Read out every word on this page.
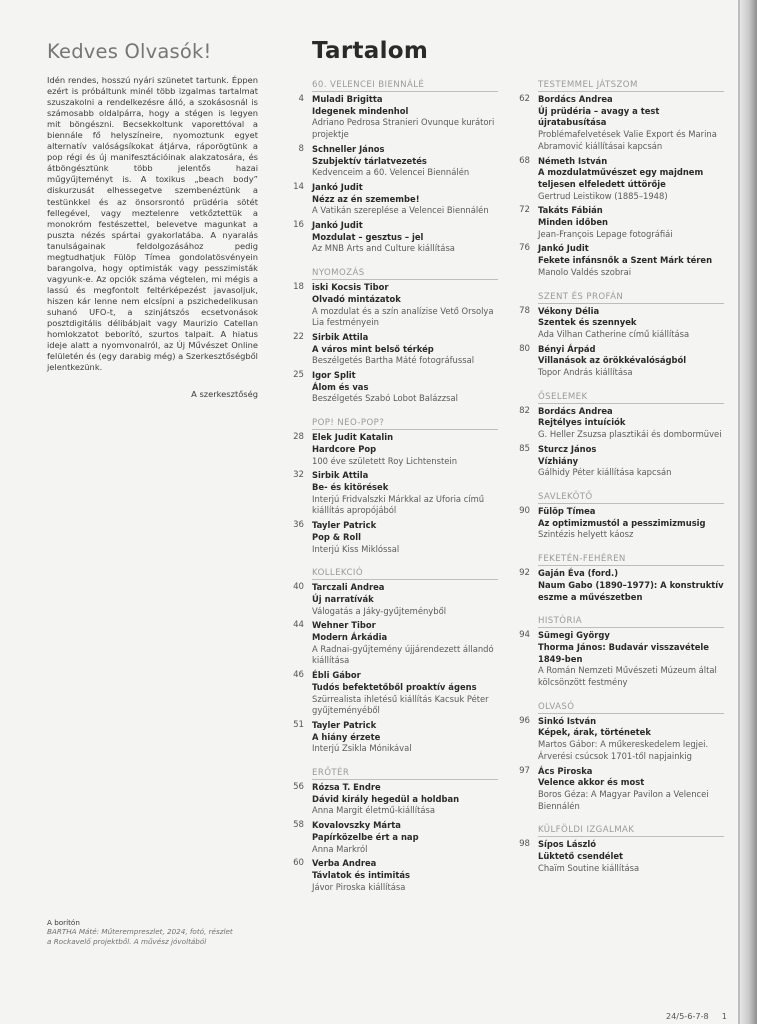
Kedves Olvasók!

Idén rendes, hosszú nyári szünetet tartunk. Éppen ezért is próbáltunk minél több izgalmas tartalmat szuszakolni a rendelkezésre álló, a szokásosnál is számosabb oldalpárra, hogy a stégen is legyen mit böngészni. Becsekkoltunk vaporettóval a biennále fő helyszíneire, nyomoztunk egyet alternatív valóságsíkokat átjárva, ráporögtünk a pop régi és új manifesztációinak alakzatosára, és átböngésztünk több jelentős hazai műgyűjteményt is. A toxikus „beach body” diskurzusát elhessegetve szembenéztünk a testünkkel és az önsorsrontó prüdéria sötét fellegével, vagy meztelenre vetkőztettük a monokróm festészettel, belevetve magunkat a puszta nézés spártai gyakorlatába. A nyaralás tanulságainak feldolgozásához pedig megtudhatjuk Fülöp Tímea gondolatösvényein barangolva, hogy optimisták vagy pesszimisták vagyunk-e. Az opciók száma végtelen, mi mégis a lassú és megfontolt feltérképezést javasoljuk, hiszen kár lenne nem elcsípni a pszichedelikusan suhanó UFO-t, a szinjátszós ecsetvonások posztdigitális délibábjait vagy Maurizio Catellan homlokzatot beborító, szurtos talpait. A hiatus ideje alatt a nyomvonalról, az Új Művészet Online felületén és (egy darabig még) a Szerkesztőségből jelentkezünk.

A szerkesztőség
A borítón
BARTHA Máté: Műterempreszlet, 2024, fotó, részlet a Rockavelő projektből. A művész jóvoltából
Tartalom
60. VELENCEI BIENNÁLÉ
4 Muladi Brigitta
Idegenek mindenhol
Adriano Pedrosa Stranieri Ovunque kurátori projektje
8 Schneller János
Szubjektív tárlatvezetés
Kedvenceim a 60. Velencei Biennálén
14 Jankó Judit
Nézz az én szemembe!
A Vatikán szereplése a Velencei Biennálén
16 Jankó Judit
Mozdulat – gesztus – jel
Az MNB Arts and Culture kiállítása
NYOMOZÁS
18 iski Kocsis Tibor
Olvadó mintázatok
A mozdulat és a szín analízise Vető Orsolya Lia festményein
22 Sirbik Attila
A város mint belső térkép
Beszélgetés Bartha Máté fotográfussal
25 Igor Split
Álom és vas
Beszélgetés Szabó Lobot Balázzsal
POP! NEO-POP?
28 Elek Judit Katalin
Hardcore Pop
100 éve született Roy Lichtenstein
32 Sirbik Attila
Be- és kitörések
Interjú Fridvalszki Márkkal az Uforia című kiállítás apropójából
36 Tayler Patrick
Pop & Roll
Interjú Kiss Miklóssal
KOLLEKCIÓ
40 Tarczali Andrea
Új narratívák
Válogatás a Jáky-gyűjteményből
44 Wehner Tibor
Modern Árkádia
A Radnai-gyűjtemény újjárendezett állandó kiállítása
46 Ébli Gábor
Tudós befektetőből proaktív ágens
Szürrealista ihletésű kiállítás Kacsuk Péter gyűjteményéből
51 Tayler Patrick
A hiány érzete
Interjú Zsikla Mónikával
ERŐTÉR
56 Rózsa T. Endre
Dávid király hegedül a holdban
Anna Margit életmű-kiállítása
58 Kovalovszky Márta
Papírközelbe ért a nap
Anna Markról
60 Verba Andrea
Távlatok és intimitás
Jávor Piroska kiállítása
TESTEMMEL JÁTSZOM
62 Bordács Andrea
Új prüdéria – avagy a test újratabusítása
Problémafelvetések Valie Export és Marina Abramović kiállításai kapcsán
68 Németh István
A mozdulatművészet egy majdnem teljesen elfeledett úttörője
Gertrud Leistikow (1885–1948)
72 Takáts Fábián
Minden időben
Jean-François Lepage fotográfiái
76 Jankó Judit
Fekete infánsnők a Szent Márk téren
Manolo Valdés szobrai
SZENT ÉS PROFÁN
78 Vékony Délia
Szentek és szennyek
Ada Vilhan Catherine című kiállítása
80 Bényi Árpád
Villanások az örökkévalóságból
Topor András kiállítása
ŐSELEMEK
82 Bordács Andrea
Rejtélyes intuíciók
G. Heller Zsuzsa plasztikái és dombormüvei
85 Sturcz János
Vízhiány
Gálhidy Péter kiállítása kapcsán
SAVLEKÖTŐ
90 Fülöp Tímea
Az optimizmustól a pesszimizmusig
Szintézis helyett káosz
FEKETÉN-FEHÉREN
92 Gaján Éva (ford.)
Naum Gabo (1890–1977): A konstruktív eszme a művészetben
HISTÓRIA
94 Sümegi György
Thorma János: Budavár visszavétele 1849-ben
A Román Nemzeti Művészeti Múzeum által kölcsönzött festmény
OLVASÓ
96 Sinkó István
Képek, árak, történetek
Martos Gábor: A műkereskedelem legjei. Árverési csúcsok 1701-től napjainkig
97 Ács Piroska
Velence akkor és most
Boros Géza: A Magyar Pavilon a Velencei Biennálén
KÜLFÖLDI IZGALMAK
98 Sípos László
Lüktető csendélet
Chaïm Soutine kiállítása
24/5-6-7-8 1
